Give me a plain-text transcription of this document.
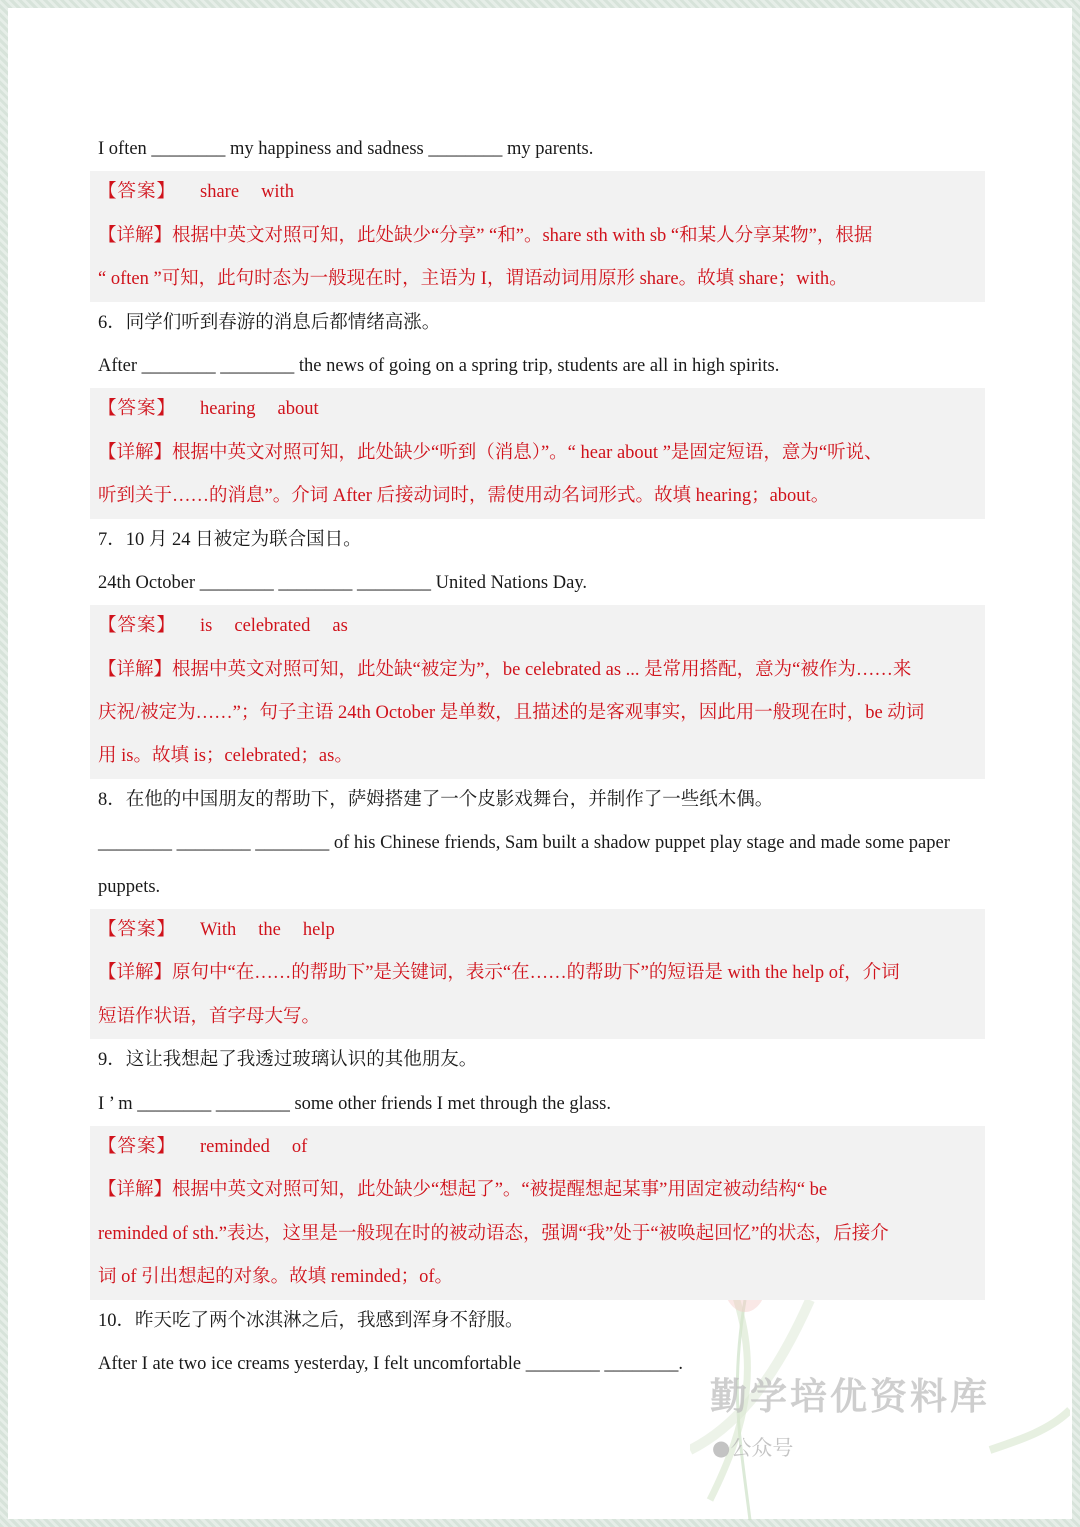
I often ________ my happiness and sadness ________ my parents.
【答案】 share with
【详解】根据中英文对照可知，此处缺少“分享” “和”。share sth with sb “和某人分享某物”，根据
“ often ”可知，此句时态为一般现在时，主语为 I，谓语动词用原形 share。故填 share；with。
6．同学们听到春游的消息后都情绪高涨。
After ________ ________ the news of going on a spring trip, students are all in high spirits.
【答案】 hearing about
【详解】根据中英文对照可知，此处缺少“听到（消息）”。“ hear about ”是固定短语，意为“听说、
听到关于……的消息”。介词 After 后接动词时，需使用动名词形式。故填 hearing；about。
7．10 月 24 日被定为联合国日。
24th October ________ ________ ________ United Nations Day.
【答案】 is celebrated as
【详解】根据中英文对照可知，此处缺“被定为”，be celebrated as ... 是常用搭配，意为“被作为……来
庆祝/被定为……”；句子主语 24th October 是单数，且描述的是客观事实，因此用一般现在时，be 动词
用 is。故填 is；celebrated；as。
8．在他的中国朋友的帮助下，萨姆搭建了一个皮影戏舞台，并制作了一些纸木偶。
________ ________ ________ of his Chinese friends, Sam built a shadow puppet play stage and made some paper
puppets.
【答案】 With the help
【详解】原句中“在……的帮助下”是关键词，表示“在……的帮助下”的短语是 with the help of，介词
短语作状语，首字母大写。
9．这让我想起了我透过玻璃认识的其他朋友。
I ’ m ________ ________ some other friends I met through the glass.
【答案】 reminded of
【详解】根据中英文对照可知，此处缺少“想起了”。“被提醒想起某事”用固定被动结构“ be
reminded of sth.”表达，这里是一般现在时的被动语态，强调“我”处于“被唤起回忆”的状态，后接介
词 of 引出想起的对象。故填 reminded；of。
10．昨天吃了两个冰淇淋之后，我感到浑身不舒服。
After I ate two ice creams yesterday, I felt uncomfortable ________ ________.
勤学培优资料库
●公众号
